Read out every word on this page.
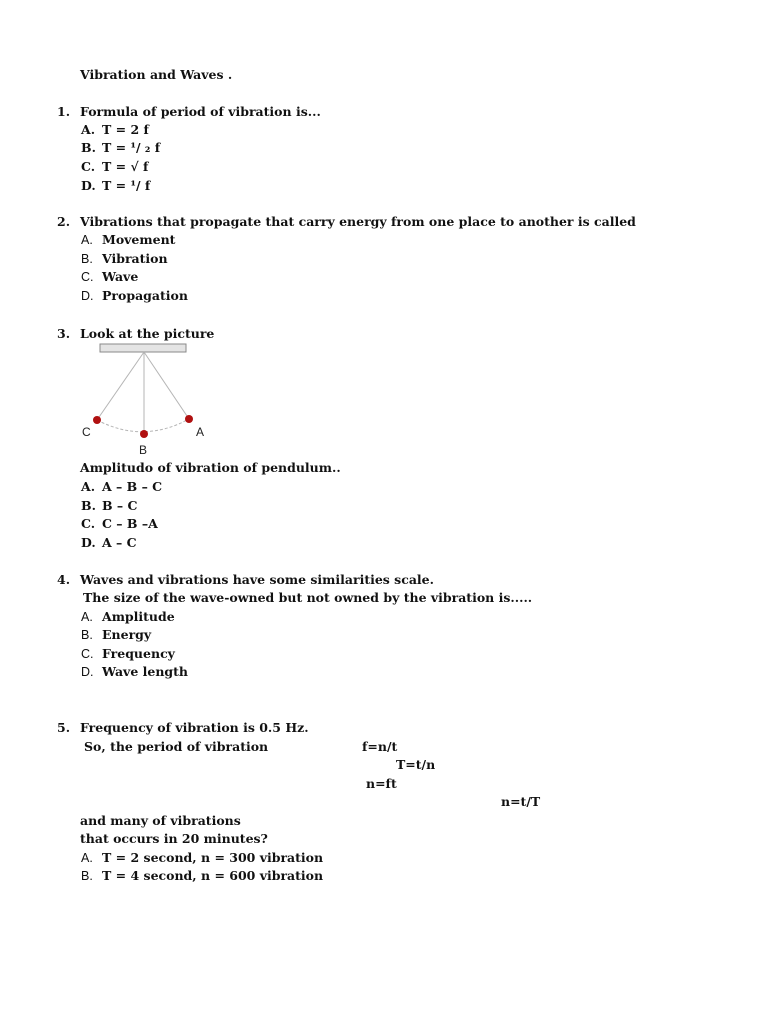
Vibration and Waves .
1. Formula of period of vibration is...
A. T = 2 f
B. T = ¹/ ₂ f
C. T = √ f
D. T = ¹/ f
2. Vibrations that propagate that carry energy from one place to another is called
A. Movement
B. Vibration
C. Wave
D. Propagation
3. Look at the picture
C
B
A
Amplitudo of vibration of pendulum..
A. A – B – C
B. B – C
C. C – B –A
D. A – C
4. Waves and vibrations have some similarities scale.
The size of the wave-owned but not owned by the vibration is.....
A. Amplitude
B. Energy
C. Frequency
D. Wave length
5. Frequency of vibration is 0.5 Hz.
So, the period of vibration	f=n/t
T=t/n
n=ft
n=t/T
and many of vibrations
that occurs in 20 minutes?
A. T = 2 second, n = 300 vibration
B. T = 4 second, n = 600 vibration
